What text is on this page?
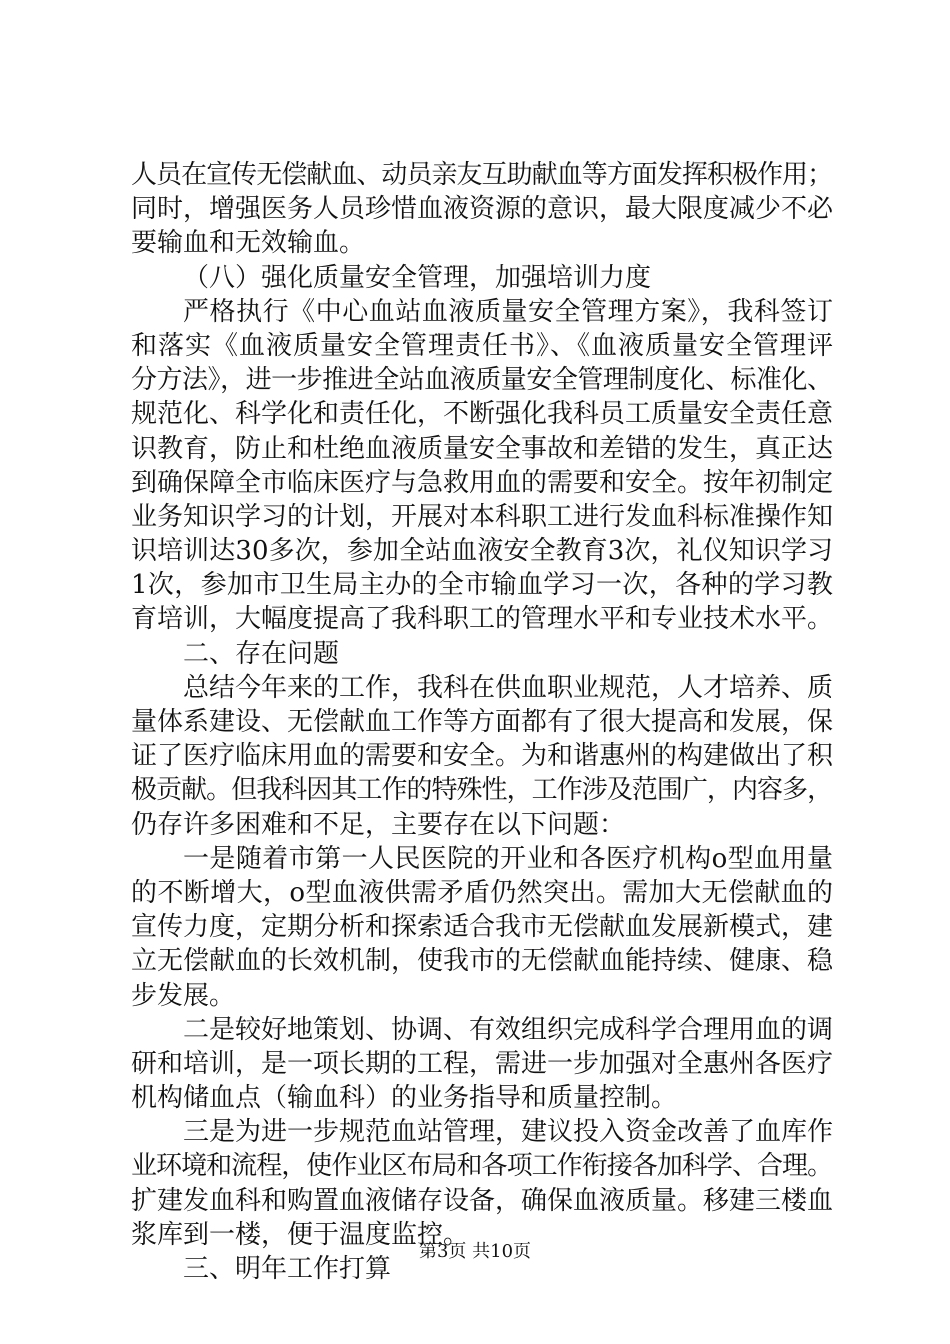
人员在宣传无偿献血、动员亲友互助献血等方面发挥积极作用；
同时，增强医务人员珍惜血液资源的意识，最大限度减少不必
要输血和无效输血。
（八）强化质量安全管理，加强培训力度
严格执行《中心血站血液质量安全管理方案》，我科签订
和落实《血液质量安全管理责任书》、《血液质量安全管理评
分方法》，进一步推进全站血液质量安全管理制度化、标准化、
规范化、科学化和责任化，不断强化我科员工质量安全责任意
识教育，防止和杜绝血液质量安全事故和差错的发生，真正达
到确保障全市临床医疗与急救用血的需要和安全。按年初制定
业务知识学习的计划，开展对本科职工进行发血科标准操作知
识培训达30多次，参加全站血液安全教育3次，礼仪知识学习
1次，参加市卫生局主办的全市输血学习一次，各种的学习教
育培训，大幅度提高了我科职工的管理水平和专业技术水平。
二、存在问题
总结今年来的工作，我科在供血职业规范，人才培养、质
量体系建设、无偿献血工作等方面都有了很大提高和发展，保
证了医疗临床用血的需要和安全。为和谐惠州的构建做出了积
极贡献。但我科因其工作的特殊性，工作涉及范围广，内容多，
仍存许多困难和不足，主要存在以下问题：
一是随着市第一人民医院的开业和各医疗机构o型血用量
的不断增大，o型血液供需矛盾仍然突出。需加大无偿献血的
宣传力度，定期分析和探索适合我市无偿献血发展新模式，建
立无偿献血的长效机制，使我市的无偿献血能持续、健康、稳
步发展。
二是较好地策划、协调、有效组织完成科学合理用血的调
研和培训，是一项长期的工程，需进一步加强对全惠州各医疗
机构储血点（输血科）的业务指导和质量控制。
三是为进一步规范血站管理，建议投入资金改善了血库作
业环境和流程，使作业区布局和各项工作衔接各加科学、合理。
扩建发血科和购置血液储存设备，确保血液质量。移建三楼血
浆库到一楼，便于温度监控。
三、明年工作打算
第3页 共10页
